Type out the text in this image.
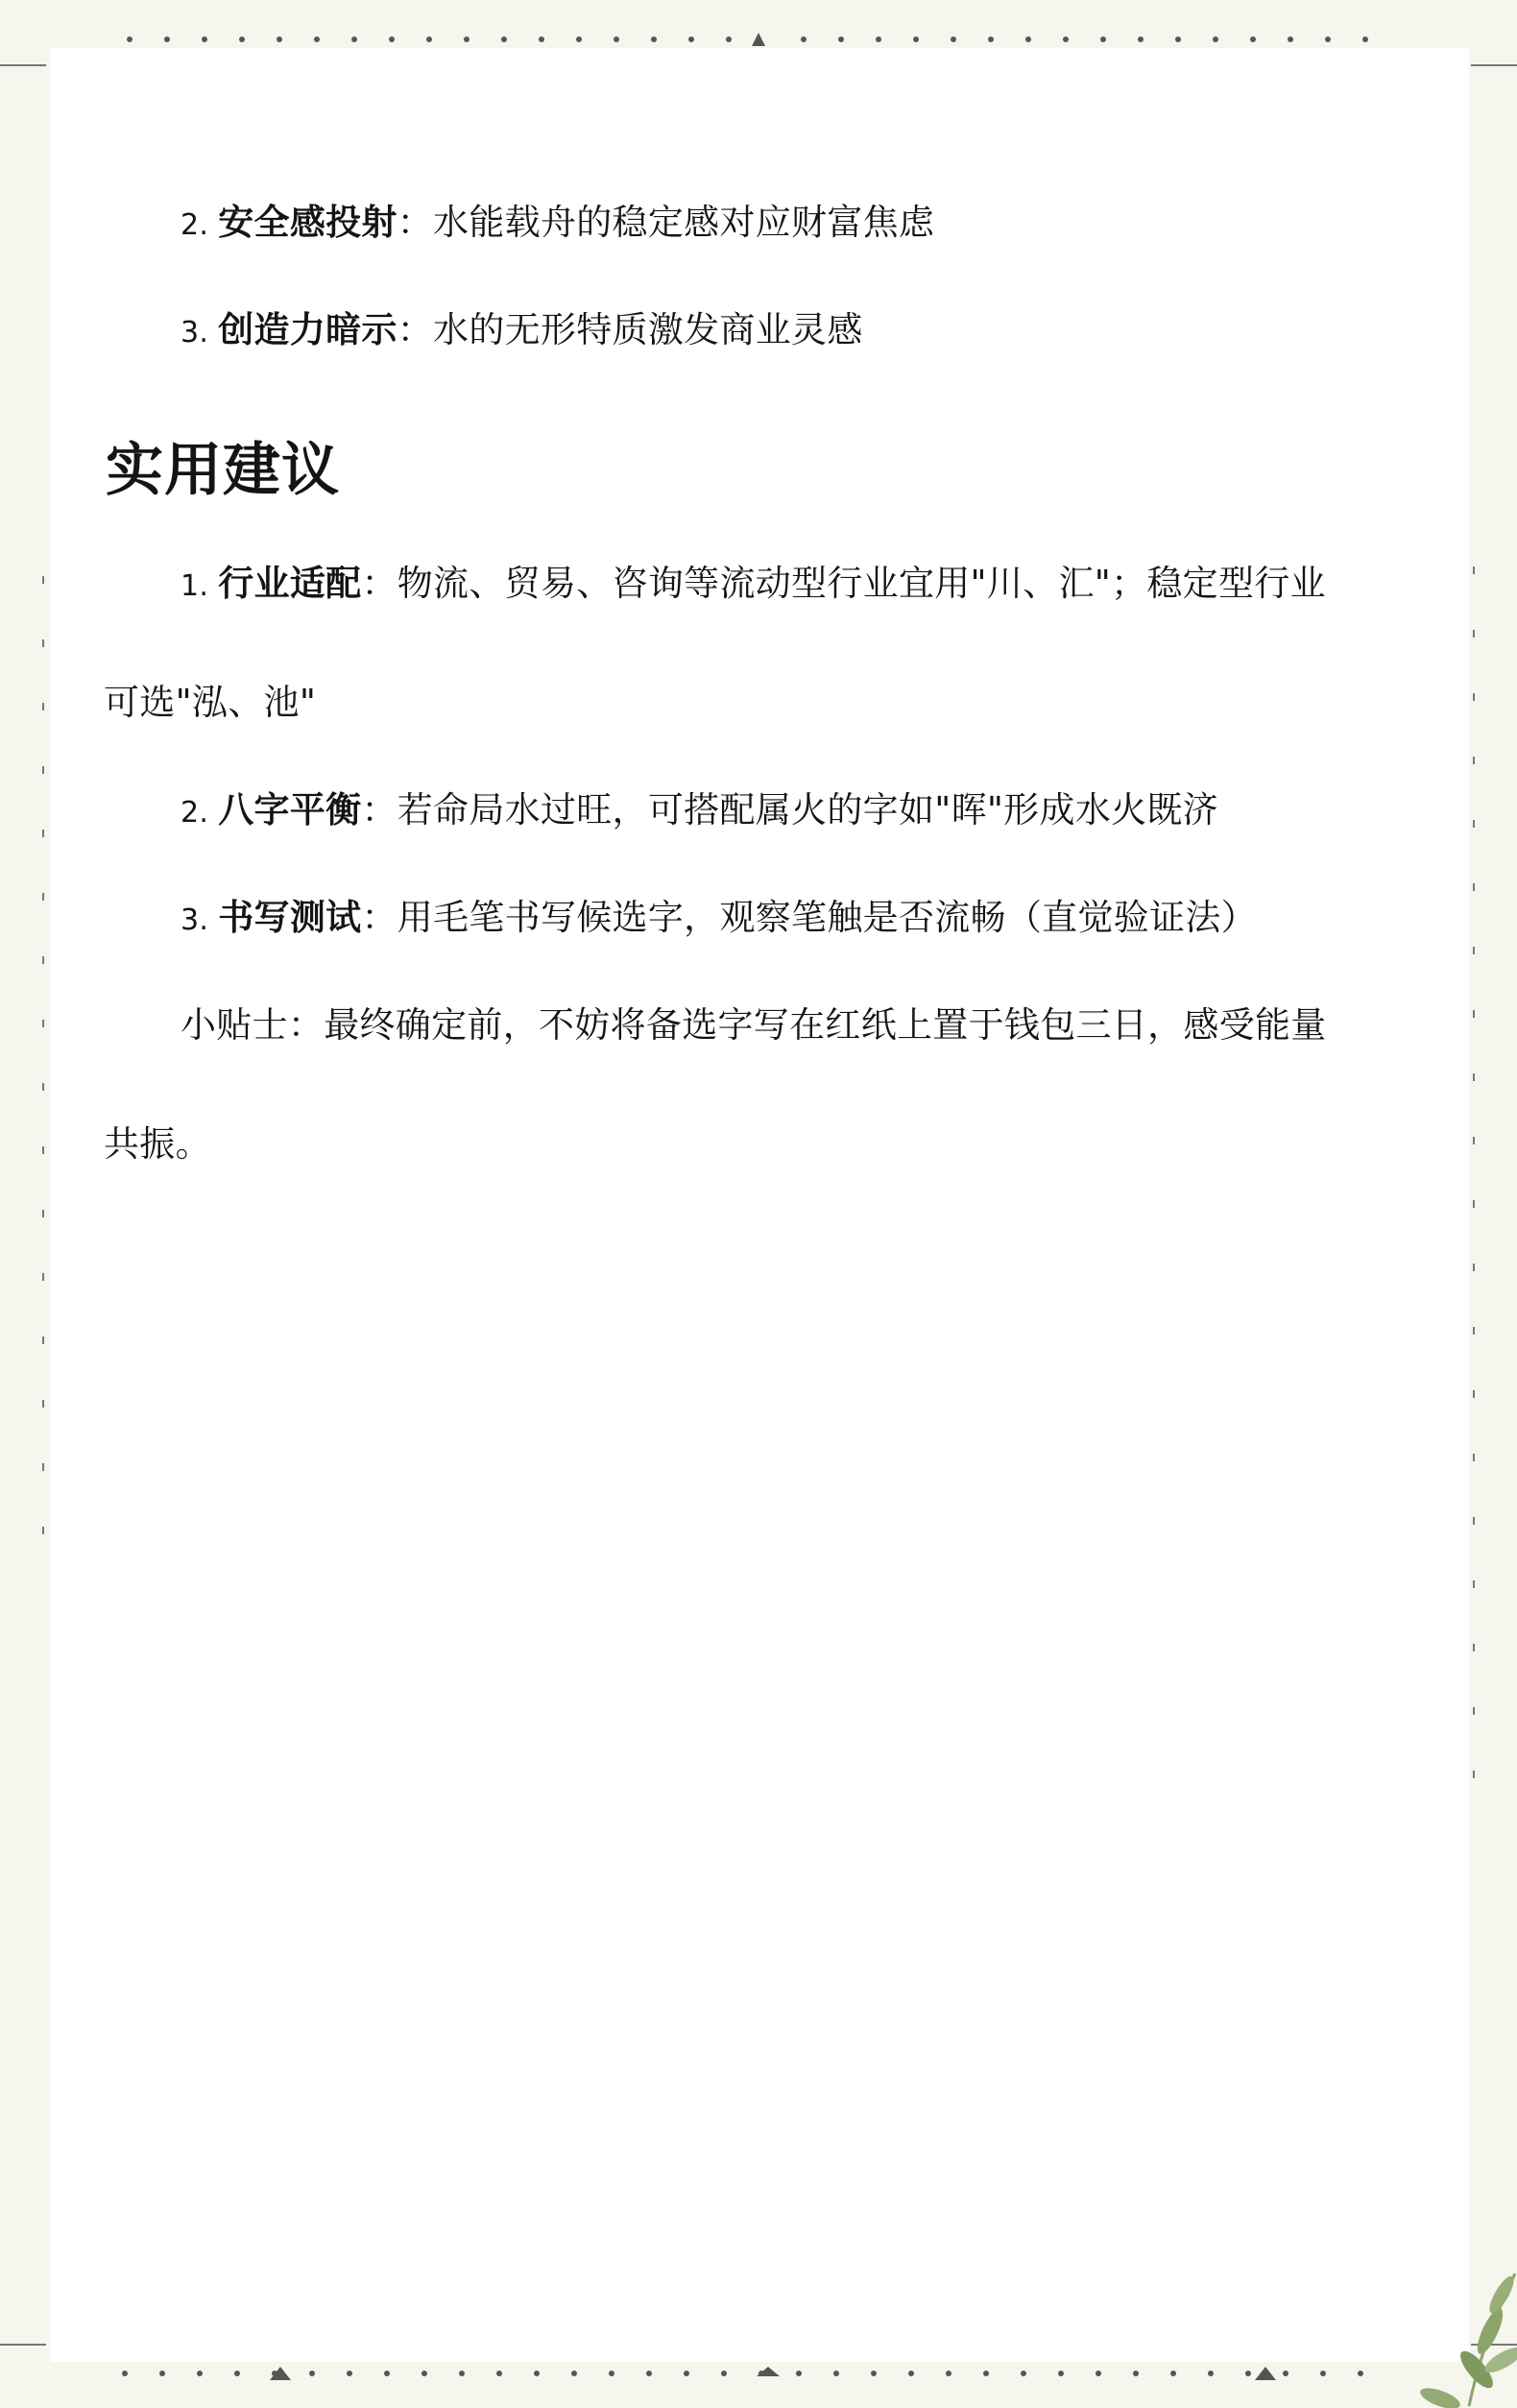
2. 安全感投射：水能载舟的稳定感对应财富焦虑
3. 创造力暗示：水的无形特质激发商业灵感
实用建议
1. 行业适配：物流、贸易、咨询等流动型行业宜用"川、汇"；稳定型行业
可选"泓、池"
2. 八字平衡：若命局水过旺，可搭配属火的字如"晖"形成水火既济
3. 书写测试：用毛笔书写候选字，观察笔触是否流畅（直觉验证法）
小贴士：最终确定前，不妨将备选字写在红纸上置于钱包三日，感受能量
共振。
